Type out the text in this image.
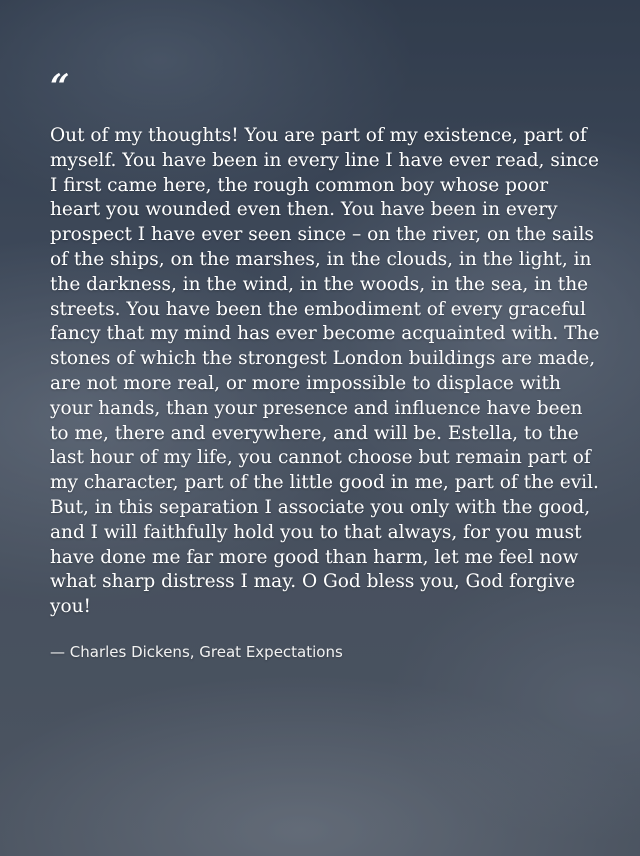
“

Out of my thoughts! You are part of my existence, part of myself. You have been in every line I have ever read, since I first came here, the rough common boy whose poor heart you wounded even then. You have been in every prospect I have ever seen since – on the river, on the sails of the ships, on the marshes, in the clouds, in the light, in the darkness, in the wind, in the woods, in the sea, in the streets. You have been the embodiment of every graceful fancy that my mind has ever become acquainted with. The stones of which the strongest London buildings are made, are not more real, or more impossible to displace with your hands, than your presence and influence have been to me, there and everywhere, and will be. Estella, to the last hour of my life, you cannot choose but remain part of my character, part of the little good in me, part of the evil. But, in this separation I associate you only with the good, and I will faithfully hold you to that always, for you must have done me far more good than harm, let me feel now what sharp distress I may. O God bless you, God forgive you!

— Charles Dickens, Great Expectations
